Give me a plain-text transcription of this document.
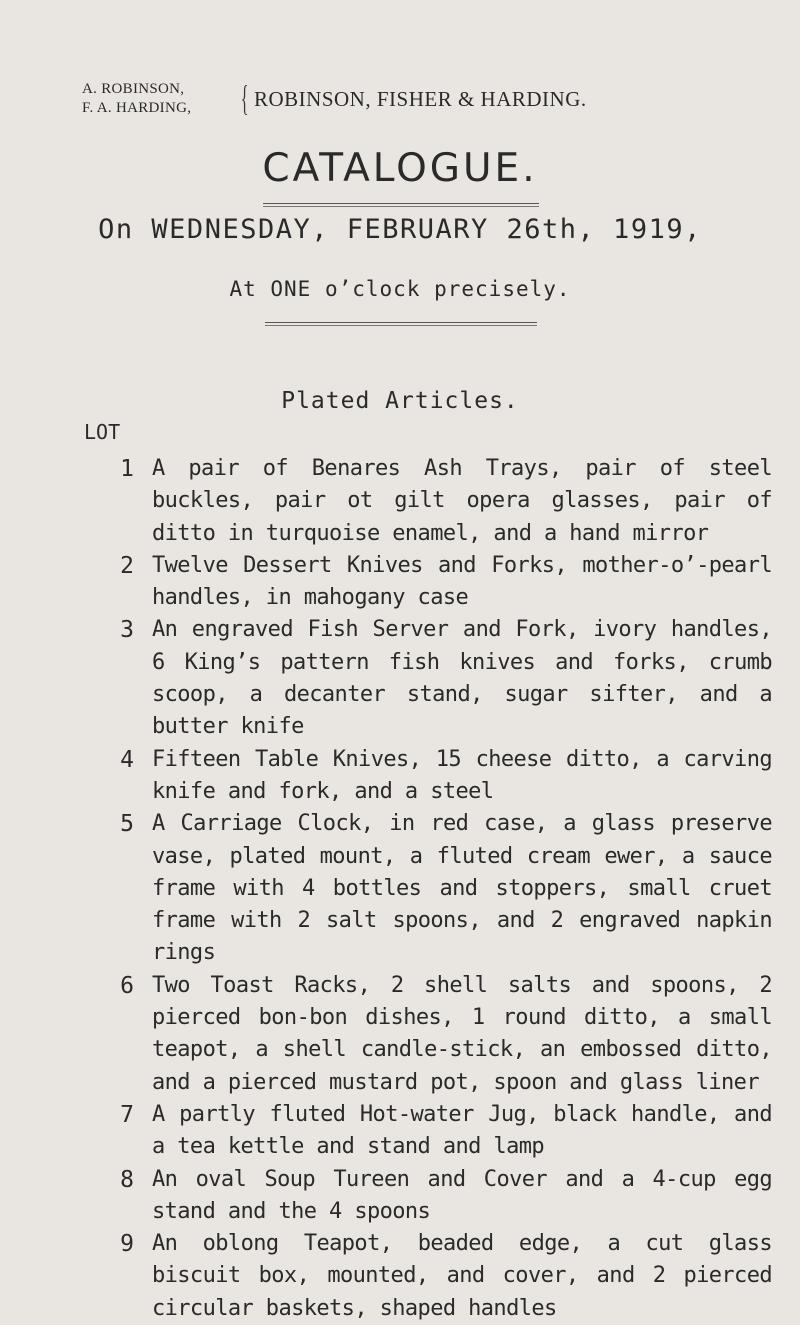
A. ROBINSON,
F. A. HARDING, { ROBINSON, FISHER & HARDING.
CATALOGUE.
On WEDNESDAY, FEBRUARY 26th, 1919,
At ONE o’clock precisely.
Plated Articles.
LOT
1 A pair of Benares Ash Trays, pair of steel buckles, pair ot gilt opera glasses, pair of ditto in turquoise enamel, and a hand mirror
2 Twelve Dessert Knives and Forks, mother-o’-pearl handles, in mahogany case
3 An engraved Fish Server and Fork, ivory handles, 6 King’s pattern fish knives and forks, crumb scoop, a decanter stand, sugar sifter, and a butter knife
4 Fifteen Table Knives, 15 cheese ditto, a carving knife and fork, and a steel
5 A Carriage Clock, in red case, a glass preserve vase, plated mount, a fluted cream ewer, a sauce frame with 4 bottles and stoppers, small cruet frame with 2 salt spoons, and 2 engraved napkin rings
6 Two Toast Racks, 2 shell salts and spoons, 2 pierced bon-bon dishes, 1 round ditto, a small teapot, a shell candle-stick, an embossed ditto, and a pierced mustard pot, spoon and glass liner
7 A partly fluted Hot-water Jug, black handle, and a tea kettle and stand and lamp
8 An oval Soup Tureen and Cover and a 4-cup egg stand and the 4 spoons
9 An oblong Teapot, beaded edge, a cut glass biscuit box, mounted, and cover, and 2 pierced circular baskets, shaped handles
